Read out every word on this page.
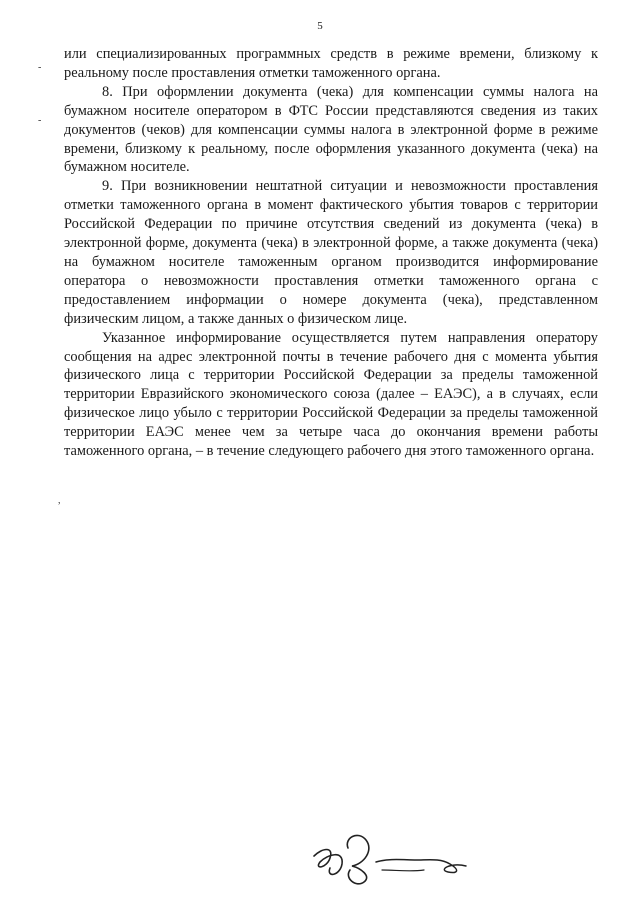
5
-
-
,

или специализированных программных средств в режиме времени, близкому к реальному после проставления отметки таможенного органа.

8. При оформлении документа (чека) для компенсации суммы налога на бумажном носителе оператором в ФТС России представляются сведения из таких документов (чеков) для компенсации суммы налога в электронной форме в режиме времени, близкому к реальному, после оформления указанного документа (чека) на бумажном носителе.

9. При возникновении нештатной ситуации и невозможности проставления отметки таможенного органа в момент фактического убытия товаров с территории Российской Федерации по причине отсутствия сведений из документа (чека) в электронной форме, документа (чека) в электронной форме, а также документа (чека) на бумажном носителе таможенным органом производится информирование оператора о невозможности проставления отметки таможенного органа с предоставлением информации о номере документа (чека), представленном физическим лицом, а также данных о физическом лице.

Указанное информирование осуществляется путем направления оператору сообщения на адрес электронной почты в течение рабочего дня с момента убытия физического лица с территории Российской Федерации за пределы таможенной территории Евразийского экономического союза (далее – ЕАЭС), а в случаях, если физическое лицо убыло с территории Российской Федерации за пределы таможенной территории ЕАЭС менее чем за четыре часа до окончания времени работы таможенного органа, – в течение следующего рабочего дня этого таможенного органа.
